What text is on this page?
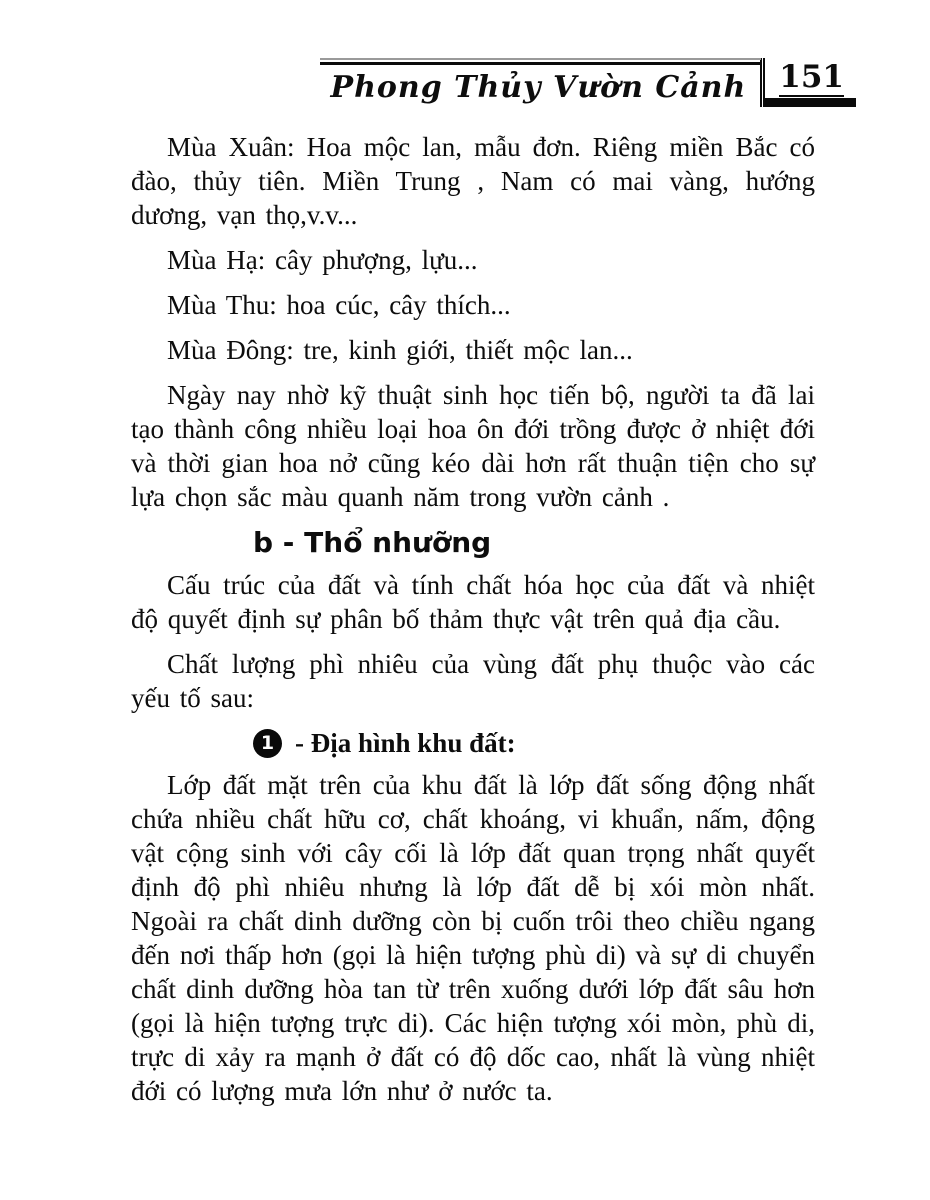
Phong Thủy Vườn Cảnh	151

Mùa Xuân: Hoa mộc lan, mẫu đơn. Riêng miền Bắc có đào, thủy tiên. Miền Trung , Nam có mai vàng, hướng dương, vạn thọ,v.v...

Mùa Hạ: cây phượng, lựu...

Mùa Thu: hoa cúc, cây thích...

Mùa Đông: tre, kinh giới, thiết mộc lan...

Ngày nay nhờ kỹ thuật sinh học tiến bộ, người ta đã lai tạo thành công nhiều loại hoa ôn đới trồng được ở nhiệt đới và thời gian hoa nở cũng kéo dài hơn rất thuận tiện cho sự lựa chọn sắc màu quanh năm trong vườn cảnh .

b - Thổ nhưỡng

Cấu trúc của đất và tính chất hóa học của đất và nhiệt độ quyết định sự phân bố thảm thực vật trên quả địa cầu.

Chất lượng phì nhiêu của vùng đất phụ thuộc vào các yếu tố sau:

1 - Địa hình khu đất:

Lớp đất mặt trên của khu đất là lớp đất sống động nhất chứa nhiều chất hữu cơ, chất khoáng, vi khuẩn, nấm, động vật cộng sinh với cây cối là lớp đất quan trọng nhất quyết định độ phì nhiêu nhưng là lớp đất dễ bị xói mòn nhất. Ngoài ra chất dinh dưỡng còn bị cuốn trôi theo chiều ngang đến nơi thấp hơn (gọi là hiện tượng phù di) và sự di chuyển chất dinh dưỡng hòa tan từ trên xuống dưới lớp đất sâu hơn (gọi là hiện tượng trực di). Các hiện tượng xói mòn, phù di, trực di xảy ra mạnh ở đất có độ dốc cao, nhất là vùng nhiệt đới có lượng mưa lớn như ở nước ta.
